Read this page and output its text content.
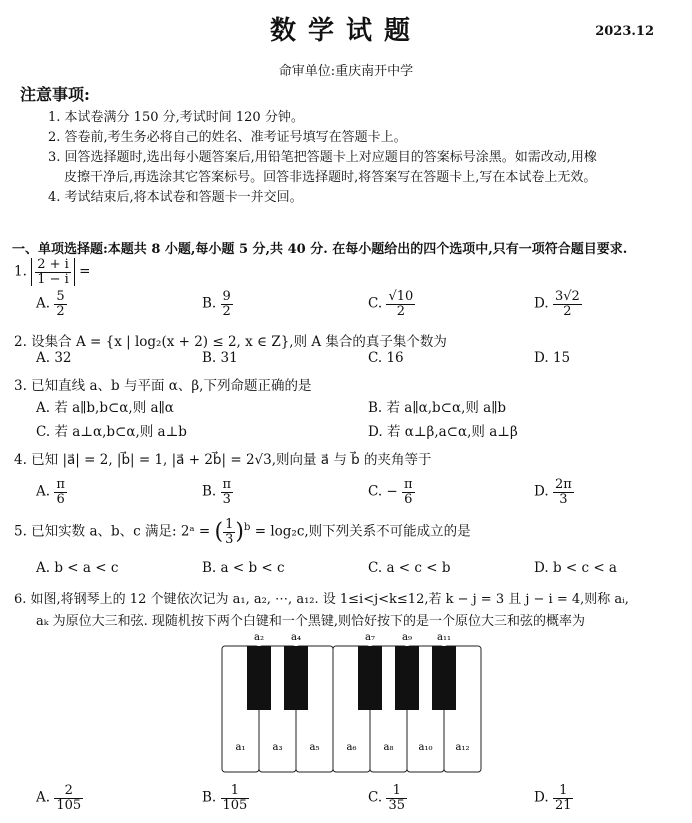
数学试题	2023.12
命审单位:重庆南开中学
注意事项:
1. 本试卷满分 150 分,考试时间 120 分钟。
2. 答卷前,考生务必将自己的姓名、准考证号填写在答题卡上。
3. 回答选择题时,选出每小题答案后,用铅笔把答题卡上对应题目的答案标号涂黑。如需改动,用橡
皮擦干净后,再选涂其它答案标号。回答非选择题时,将答案写在答题卡上,写在本试卷上无效。
4. 考试结束后,将本试卷和答题卡一并交回。
一、单项选择题:本题共 8 小题,每小题 5 分,共 40 分. 在每小题给出的四个选项中,只有一项符合题目要求.
1. $\frac{2 + i}{1 - i}$ =
A. $\frac{5}{2}$	B. $\frac{9}{2}$	C. $\frac{√10}{2}$	D. $\frac{3√2}{2}$
2. 设集合 A = {x | log₂(x + 2) ≤ 2, x ∈ Z},则 A 集合的真子集个数为
A. 32	B. 31	C. 16	D. 15
3. 已知直线 a、b 与平面 α、β,下列命题正确的是
A. 若 a∥b,b⊂α,则 a∥α	B. 若 a∥α,b⊂α,则 a∥b
C. 若 a⊥α,b⊂α,则 a⊥b	D. 若 α⊥β,a⊂α,则 a⊥β
4. 已知 |a⃗| = 2, |b⃗| = 1, |a⃗ + 2b⃗| = 2√3,则向量 a⃗ 与 b⃗ 的夹角等于
A. $\frac{\pi}{6}$	B. $\frac{\pi}{3}$	C. − $\frac{\pi}{6}$	D. $\frac{2\pi}{3}$
5. 已知实数 a、b、c 满足: 2ᵃ = ( $\frac{1}{3} )^b = \log_2c$,则下列关系不可能成立的是
A. b < a < c	B. a < b < c	C. a < c < b	D. b < c < a
6. 如图,将钢琴上的 12 个键依次记为 a₁, a₂, ⋯, a₁₂. 设 1≤i<j<k≤12,若 k − j = 3 且 j − i = 4,则称 aᵢ,
aₖ 为原位大三和弦. 现随机按下两个白键和一个黑键,则恰好按下的是一个原位大三和弦的概率为
a₂	a₄	a₇	a₉	a₁₁
a₁	a₃	a₅	a₆	a₈	a₁₀ a₁₂
A. $\frac{2}{105}$	B. $\frac{1}{105}$	C. $\frac{1}{35}$	D. $\frac{1}{21}$
